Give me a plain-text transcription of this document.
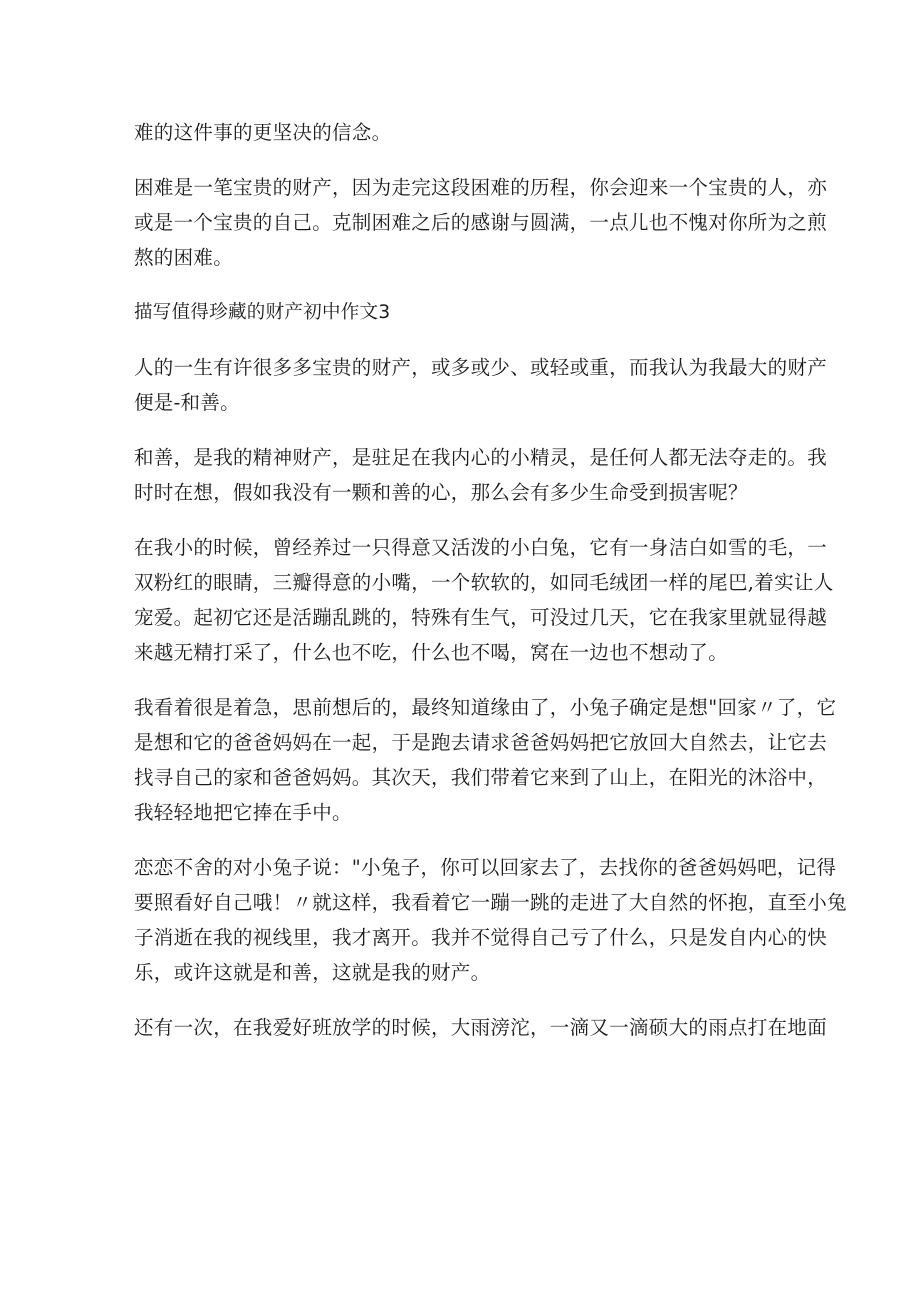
难的这件事的更坚决的信念。
困难是一笔宝贵的财产，因为走完这段困难的历程，你会迎来一个宝贵的人，亦
或是一个宝贵的自己。克制困难之后的感谢与圆满，一点儿也不愧对你所为之煎
熬的困难。
描写值得珍藏的财产初中作文3
人的一生有许很多多宝贵的财产，或多或少、或轻或重，而我认为我最大的财产
便是-和善。
和善，是我的精神财产，是驻足在我内心的小精灵，是任何人都无法夺走的。我
时时在想，假如我没有一颗和善的心，那么会有多少生命受到损害呢？
在我小的时候，曾经养过一只得意又活泼的小白兔，它有一身洁白如雪的毛，一
双粉红的眼睛，三瓣得意的小嘴，一个软软的，如同毛绒团一样的尾巴,着实让人
宠爱。起初它还是活蹦乱跳的，特殊有生气，可没过几天，它在我家里就显得越
来越无精打采了，什么也不吃，什么也不喝，窝在一边也不想动了。
我看着很是着急，思前想后的，最终知道缘由了，小兔子确定是想"回家〃了，它
是想和它的爸爸妈妈在一起，于是跑去请求爸爸妈妈把它放回大自然去，让它去
找寻自己的家和爸爸妈妈。其次天，我们带着它来到了山上，在阳光的沐浴中，
我轻轻地把它捧在手中。
恋恋不舍的对小兔子说："小兔子，你可以回家去了，去找你的爸爸妈妈吧，记得
要照看好自己哦！〃就这样，我看着它一蹦一跳的走进了大自然的怀抱，直至小兔
子消逝在我的视线里，我才离开。我并不觉得自己亏了什么，只是发自内心的快
乐，或许这就是和善，这就是我的财产。
还有一次，在我爱好班放学的时候，大雨滂沱，一滴又一滴硕大的雨点打在地面
